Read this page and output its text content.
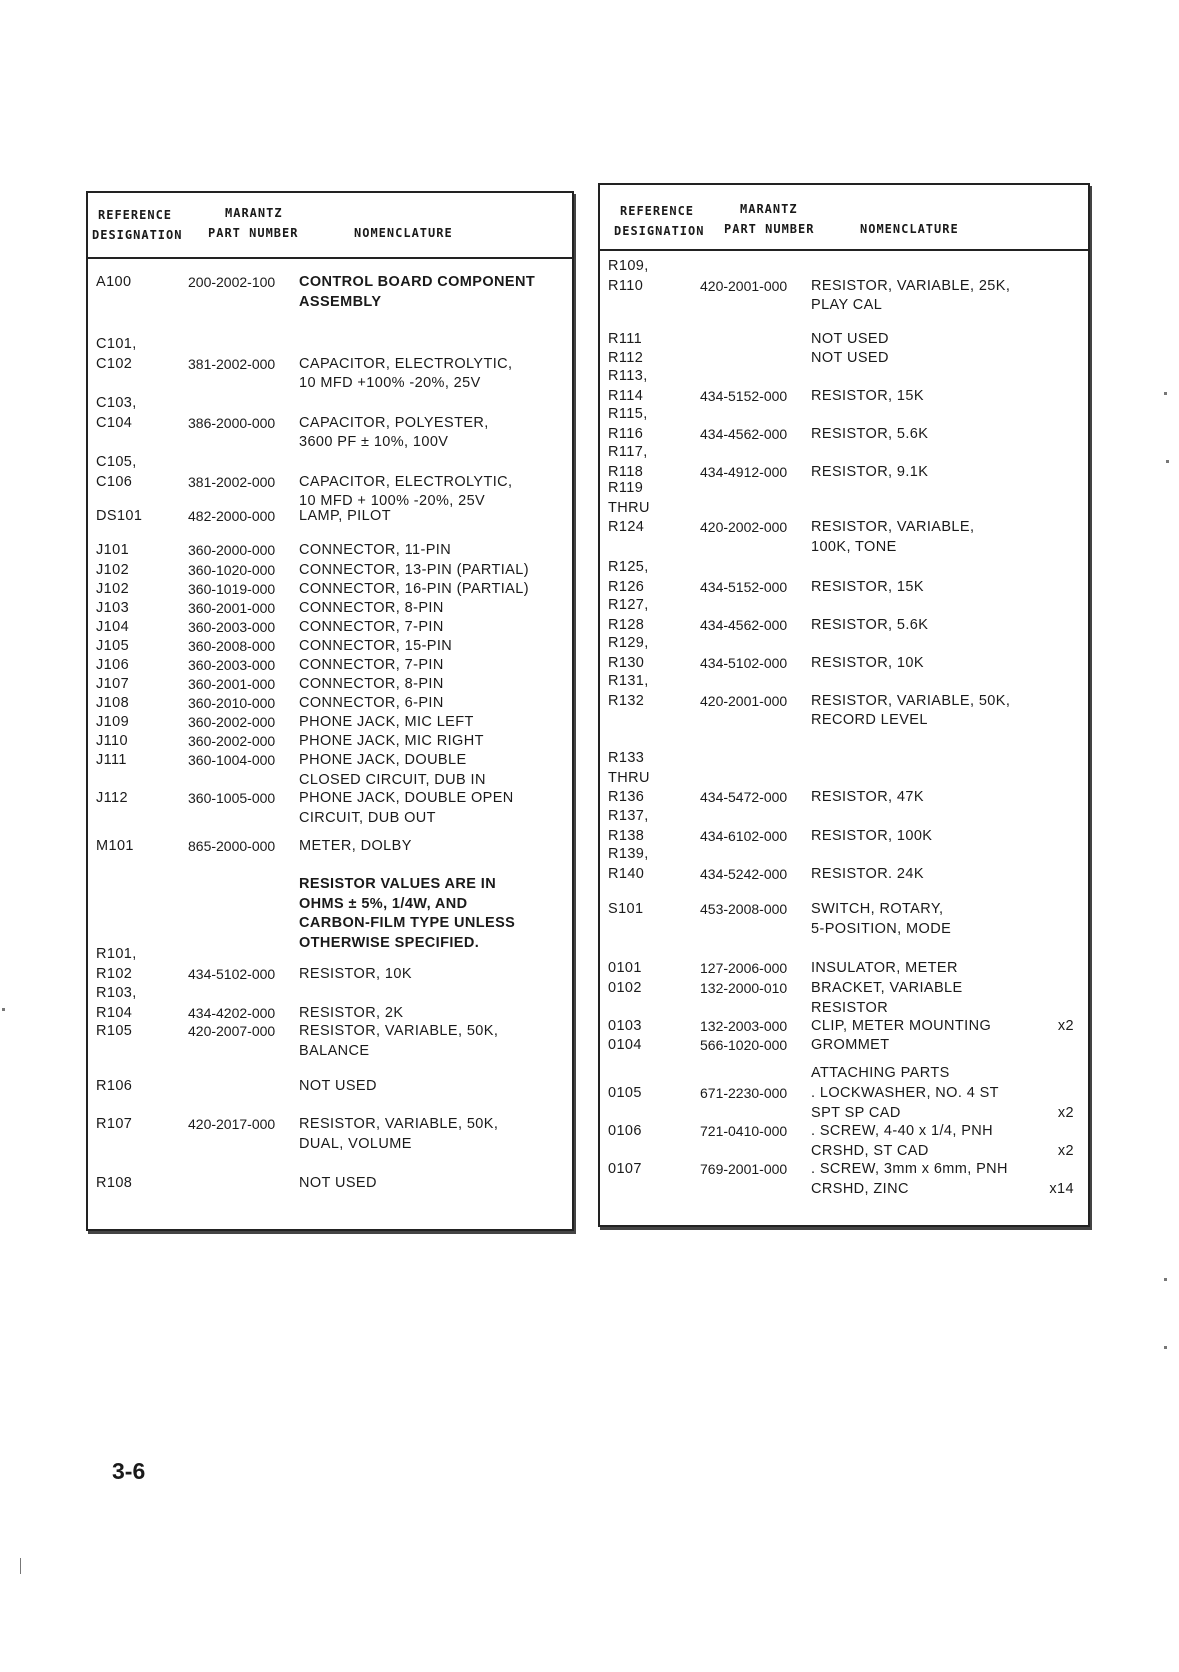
REFERENCE
DESIGNATION
MARANTZ
PART NUMBER	NOMENCLATURE
A100	200-2002-100 CONTROL BOARD COMPONENT
ASSEMBLY
C101,
C102	381-2002-000 CAPACITOR, ELECTROLYTIC,
10 MFD +100% -20%, 25V
C103,
C104	386-2000-000 CAPACITOR, POLYESTER,
3600 PF ± 10%, 100V
C105,
C106	381-2002-000 CAPACITOR, ELECTROLYTIC,
10 MFD + 100% -20%, 25V
DS101	482-2000-000 LAMP, PILOT
J101	360-2000-000 CONNECTOR, 11-PIN
J102	360-1020-000 CONNECTOR, 13-PIN (PARTIAL)
J102	360-1019-000 CONNECTOR, 16-PIN (PARTIAL)
J103	360-2001-000 CONNECTOR, 8-PIN
J104	360-2003-000 CONNECTOR, 7-PIN
J105	360-2008-000 CONNECTOR, 15-PIN
J106	360-2003-000 CONNECTOR, 7-PIN
J107	360-2001-000 CONNECTOR, 8-PIN
J108	360-2010-000 CONNECTOR, 6-PIN
J109	360-2002-000 PHONE JACK, MIC LEFT
J110	360-2002-000 PHONE JACK, MIC RIGHT
J111	360-1004-000 PHONE JACK, DOUBLE
CLOSED CIRCUIT, DUB IN
J112	360-1005-000 PHONE JACK, DOUBLE OPEN
CIRCUIT, DUB OUT
M101	865-2000-000 METER, DOLBY
RESISTOR VALUES ARE IN
OHMS ± 5%, 1/4W, AND
CARBON-FILM TYPE UNLESS
OTHERWISE SPECIFIED.
R101,
R102	434-5102-000 RESISTOR, 10K
R103,
R104	434-4202-000 RESISTOR, 2K
R105	420-2007-000 RESISTOR, VARIABLE, 50K,
BALANCE
R106	NOT USED
R107	420-2017-000 RESISTOR, VARIABLE, 50K,
DUAL, VOLUME
R108	NOT USED
REFERENCE
DESIGNATION
MARANTZ
PART NUMBER	NOMENCLATURE
R109,
R110	420-2001-000 RESISTOR, VARIABLE, 25K,
PLAY CAL
R111	NOT USED
R112	NOT USED
R113,
R114	434-5152-000 RESISTOR, 15K
R115,
R116	434-4562-000 RESISTOR, 5.6K
R117,
R118	434-4912-000 RESISTOR, 9.1K
R119
THRU
R124	420-2002-000 RESISTOR, VARIABLE,
100K, TONE
R125,
R126	434-5152-000 RESISTOR, 15K
R127,
R128	434-4562-000 RESISTOR, 5.6K
R129,
R130	434-5102-000 RESISTOR, 10K
R131,
R132	420-2001-000 RESISTOR, VARIABLE, 50K,
RECORD LEVEL
R133
THRU
R136	434-5472-000 RESISTOR, 47K
R137,
R138	434-6102-000 RESISTOR, 100K
R139,
R140	434-5242-000 RESISTOR. 24K
S101	453-2008-000 SWITCH, ROTARY,
5-POSITION, MODE
0101	127-2006-000 INSULATOR, METER
0102	132-2000-010 BRACKET, VARIABLE
RESISTOR
0103	132-2003-000 CLIP, METER MOUNTING	x2
0104	566-1020-000 GROMMET
ATTACHING PARTS
0105	671-2230-000 . LOCKWASHER, NO. 4 ST
SPT SP CAD	x2
0106	721-0410-000 . SCREW, 4-40 x 1/4, PNH
CRSHD, ST CAD	x2
0107	769-2001-000 . SCREW, 3mm x 6mm, PNH
CRSHD, ZINC	x14
3-6
